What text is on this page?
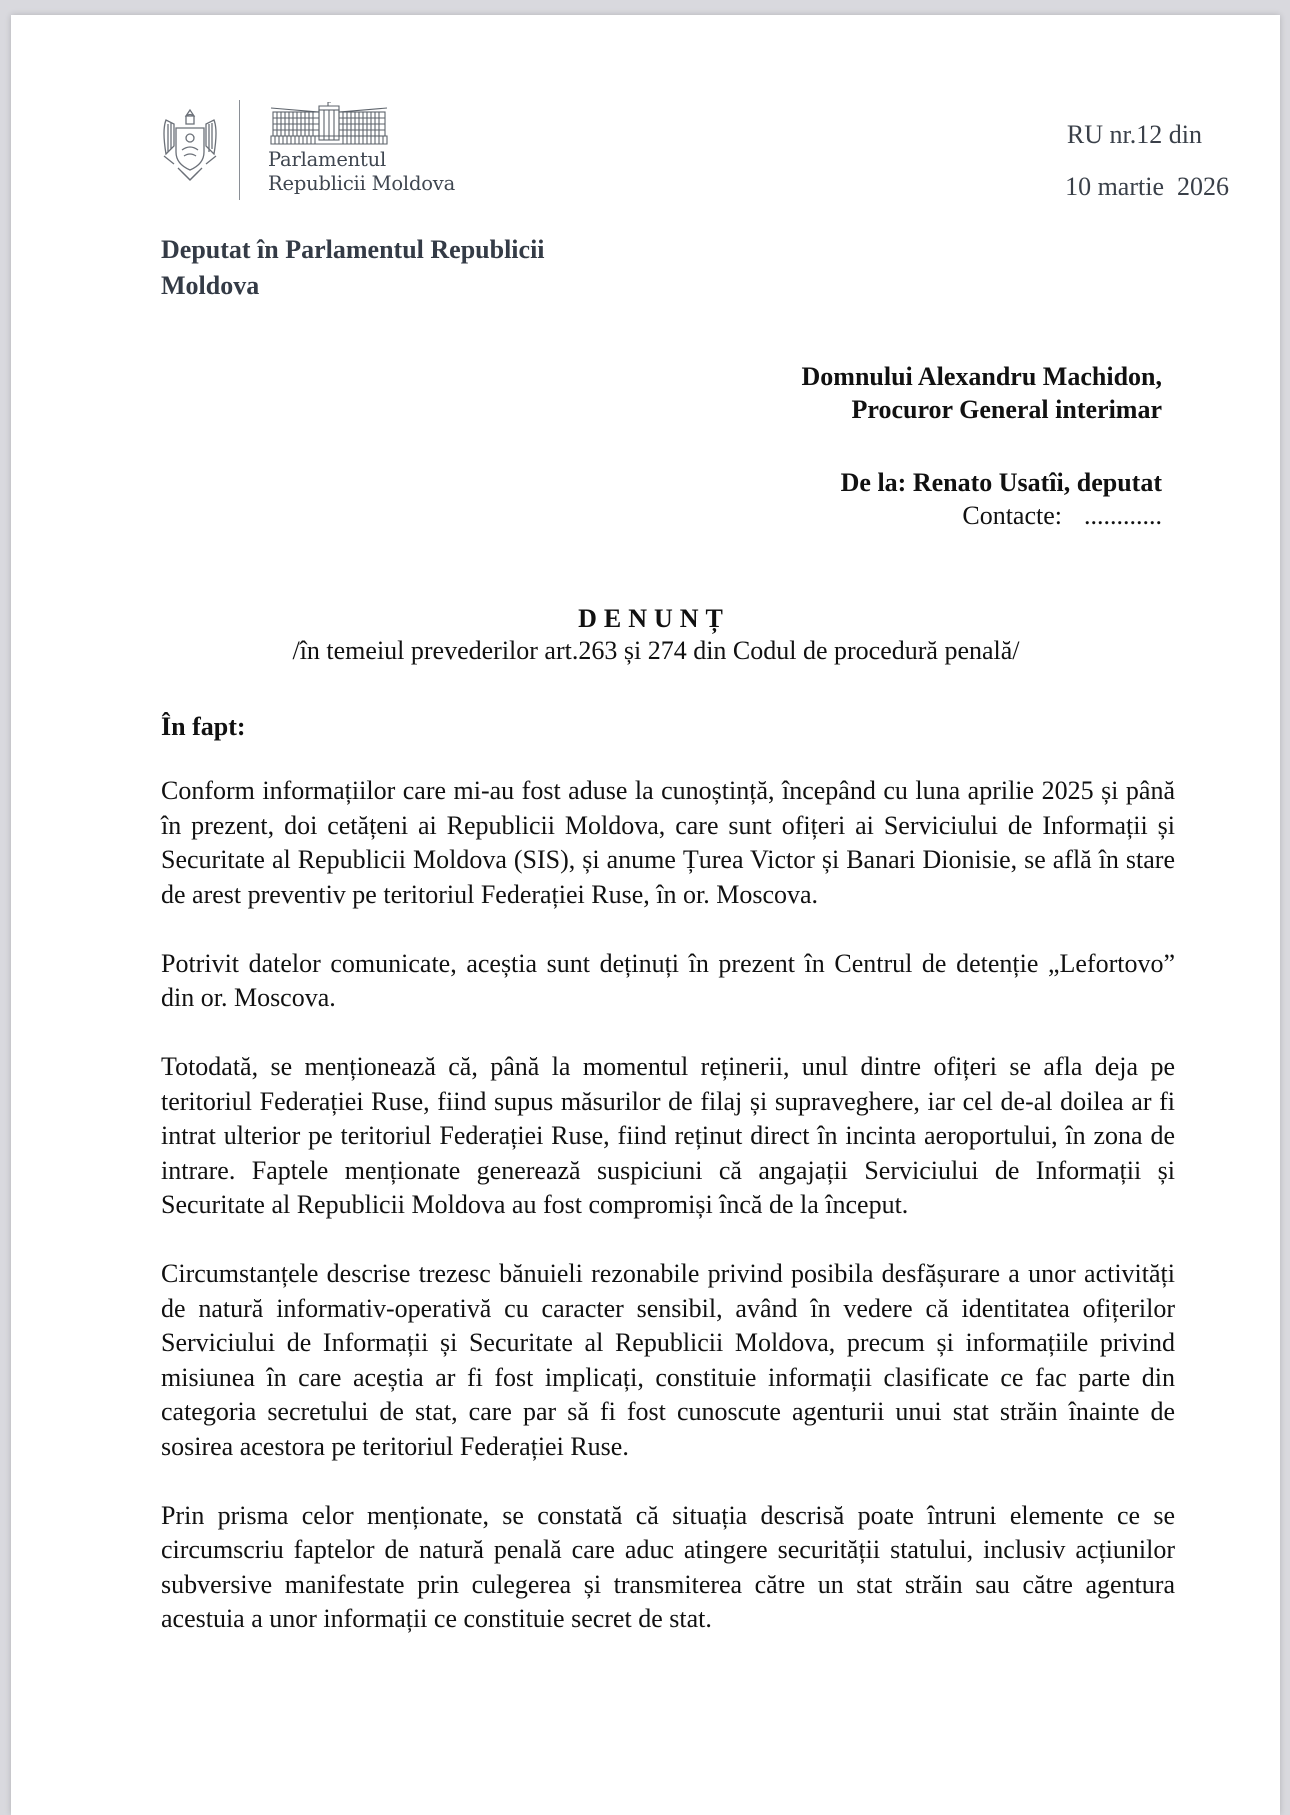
Parlamentul
Republicii Moldova
RU nr.12 din
10 martie  2026
Deputat în Parlamentul Republicii
Moldova
Domnului Alexandru Machidon,
Procuror General interimar
De la: Renato Usatîi, deputat
Contacte: ............
DENUNȚ
/în temeiul prevederilor art.263 și 274 din Codul de procedură penală/
În fapt:

Conform informațiilor care mi-au fost aduse la cunoștință, începând cu luna aprilie 2025 și până în prezent, doi cetățeni ai Republicii Moldova, care sunt ofițeri ai Serviciului de Informații și Securitate al Republicii Moldova (SIS), și anume Țurea Victor și Banari Dionisie, se află în stare de arest preventiv pe teritoriul Federației Ruse, în or. Moscova.

Potrivit datelor comunicate, aceștia sunt deținuți în prezent în Centrul de detenție „Lefortovo” din or. Moscova.

Totodată, se menționează că, până la momentul reținerii, unul dintre ofițeri se afla deja pe teritoriul Federației Ruse, fiind supus măsurilor de filaj și supraveghere, iar cel de-al doilea ar fi intrat ulterior pe teritoriul Federației Ruse, fiind reținut direct în incinta aeroportului, în zona de intrare. Faptele menționate generează suspiciuni că angajații Serviciului de Informații și Securitate al Republicii Moldova au fost compromiși încă de la început.

Circumstanțele descrise trezesc bănuieli rezonabile privind posibila desfășurare a unor activități de natură informativ-operativă cu caracter sensibil, având în vedere că identitatea ofițerilor Serviciului de Informații și Securitate al Republicii Moldova, precum și informațiile privind misiunea în care aceștia ar fi fost implicați, constituie informații clasificate ce fac parte din categoria secretului de stat, care par să fi fost cunoscute agenturii unui stat străin înainte de sosirea acestora pe teritoriul Federației Ruse.

Prin prisma celor menționate, se constată că situația descrisă poate întruni elemente ce se circumscriu faptelor de natură penală care aduc atingere securității statului, inclusiv acțiunilor subversive manifestate prin culegerea și transmiterea către un stat străin sau către agentura acestuia a unor informații ce constituie secret de stat.
